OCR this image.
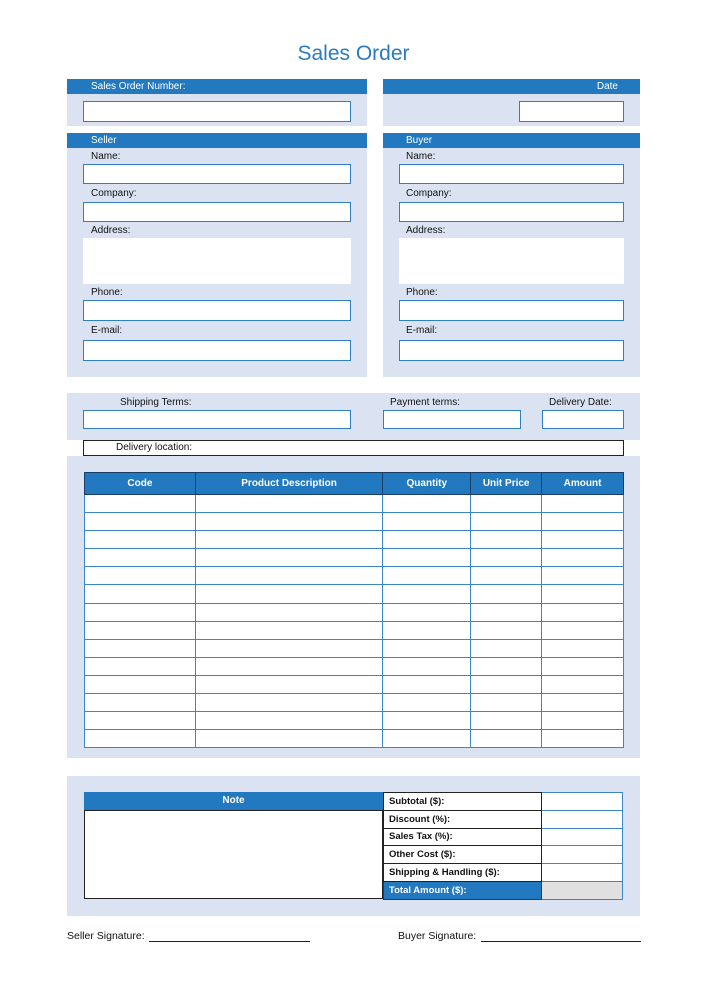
Sales Order
Sales Order Number:	Date
Seller
Name:
Company:
Address:
Phone:
E-mail:
Buyer
Name:
Company:
Address:
Phone:
E-mail:
Shipping Terms:	Payment terms:	Delivery Date:
Delivery location:
Code	Product Description	Quantity	Unit Price	Amount

Note	Subtotal ($):	
Discount (%):	
Sales Tax (%):	
Other Cost ($):	
Shipping & Handling ($):	
Total Amount ($):	
Seller Signature:	Buyer Signature:
